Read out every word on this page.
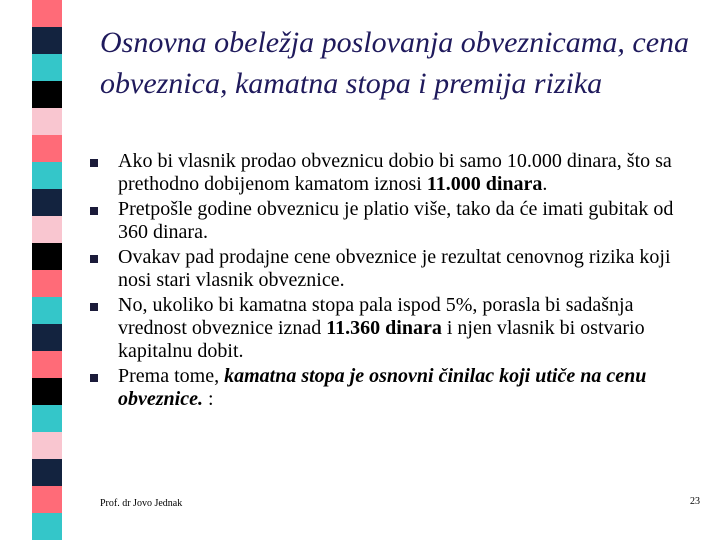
Osnovna obeležja poslovanja obveznicama, cena obveznica, kamatna stopa i premija rizika
Ako bi vlasnik prodao obveznicu dobio bi samo 10.000 dinara, što sa prethodno dobijenom kamatom iznosi 11.000 dinara.
Pretpošle godine obveznicu je platio više, tako da će imati gubitak od 360 dinara.
Ovakav pad prodajne cene obveznice je rezultat cenovnog rizika koji nosi stari vlasnik obveznice.
No, ukoliko bi kamatna stopa pala ispod 5%, porasla bi sadašnja vrednost obveznice iznad 11.360 dinara i njen vlasnik bi ostvario kapitalnu dobit.
Prema tome, kamatna stopa je osnovni činilac koji utiče na cenu obveznice. :
Prof. dr Jovo Jednak	23
